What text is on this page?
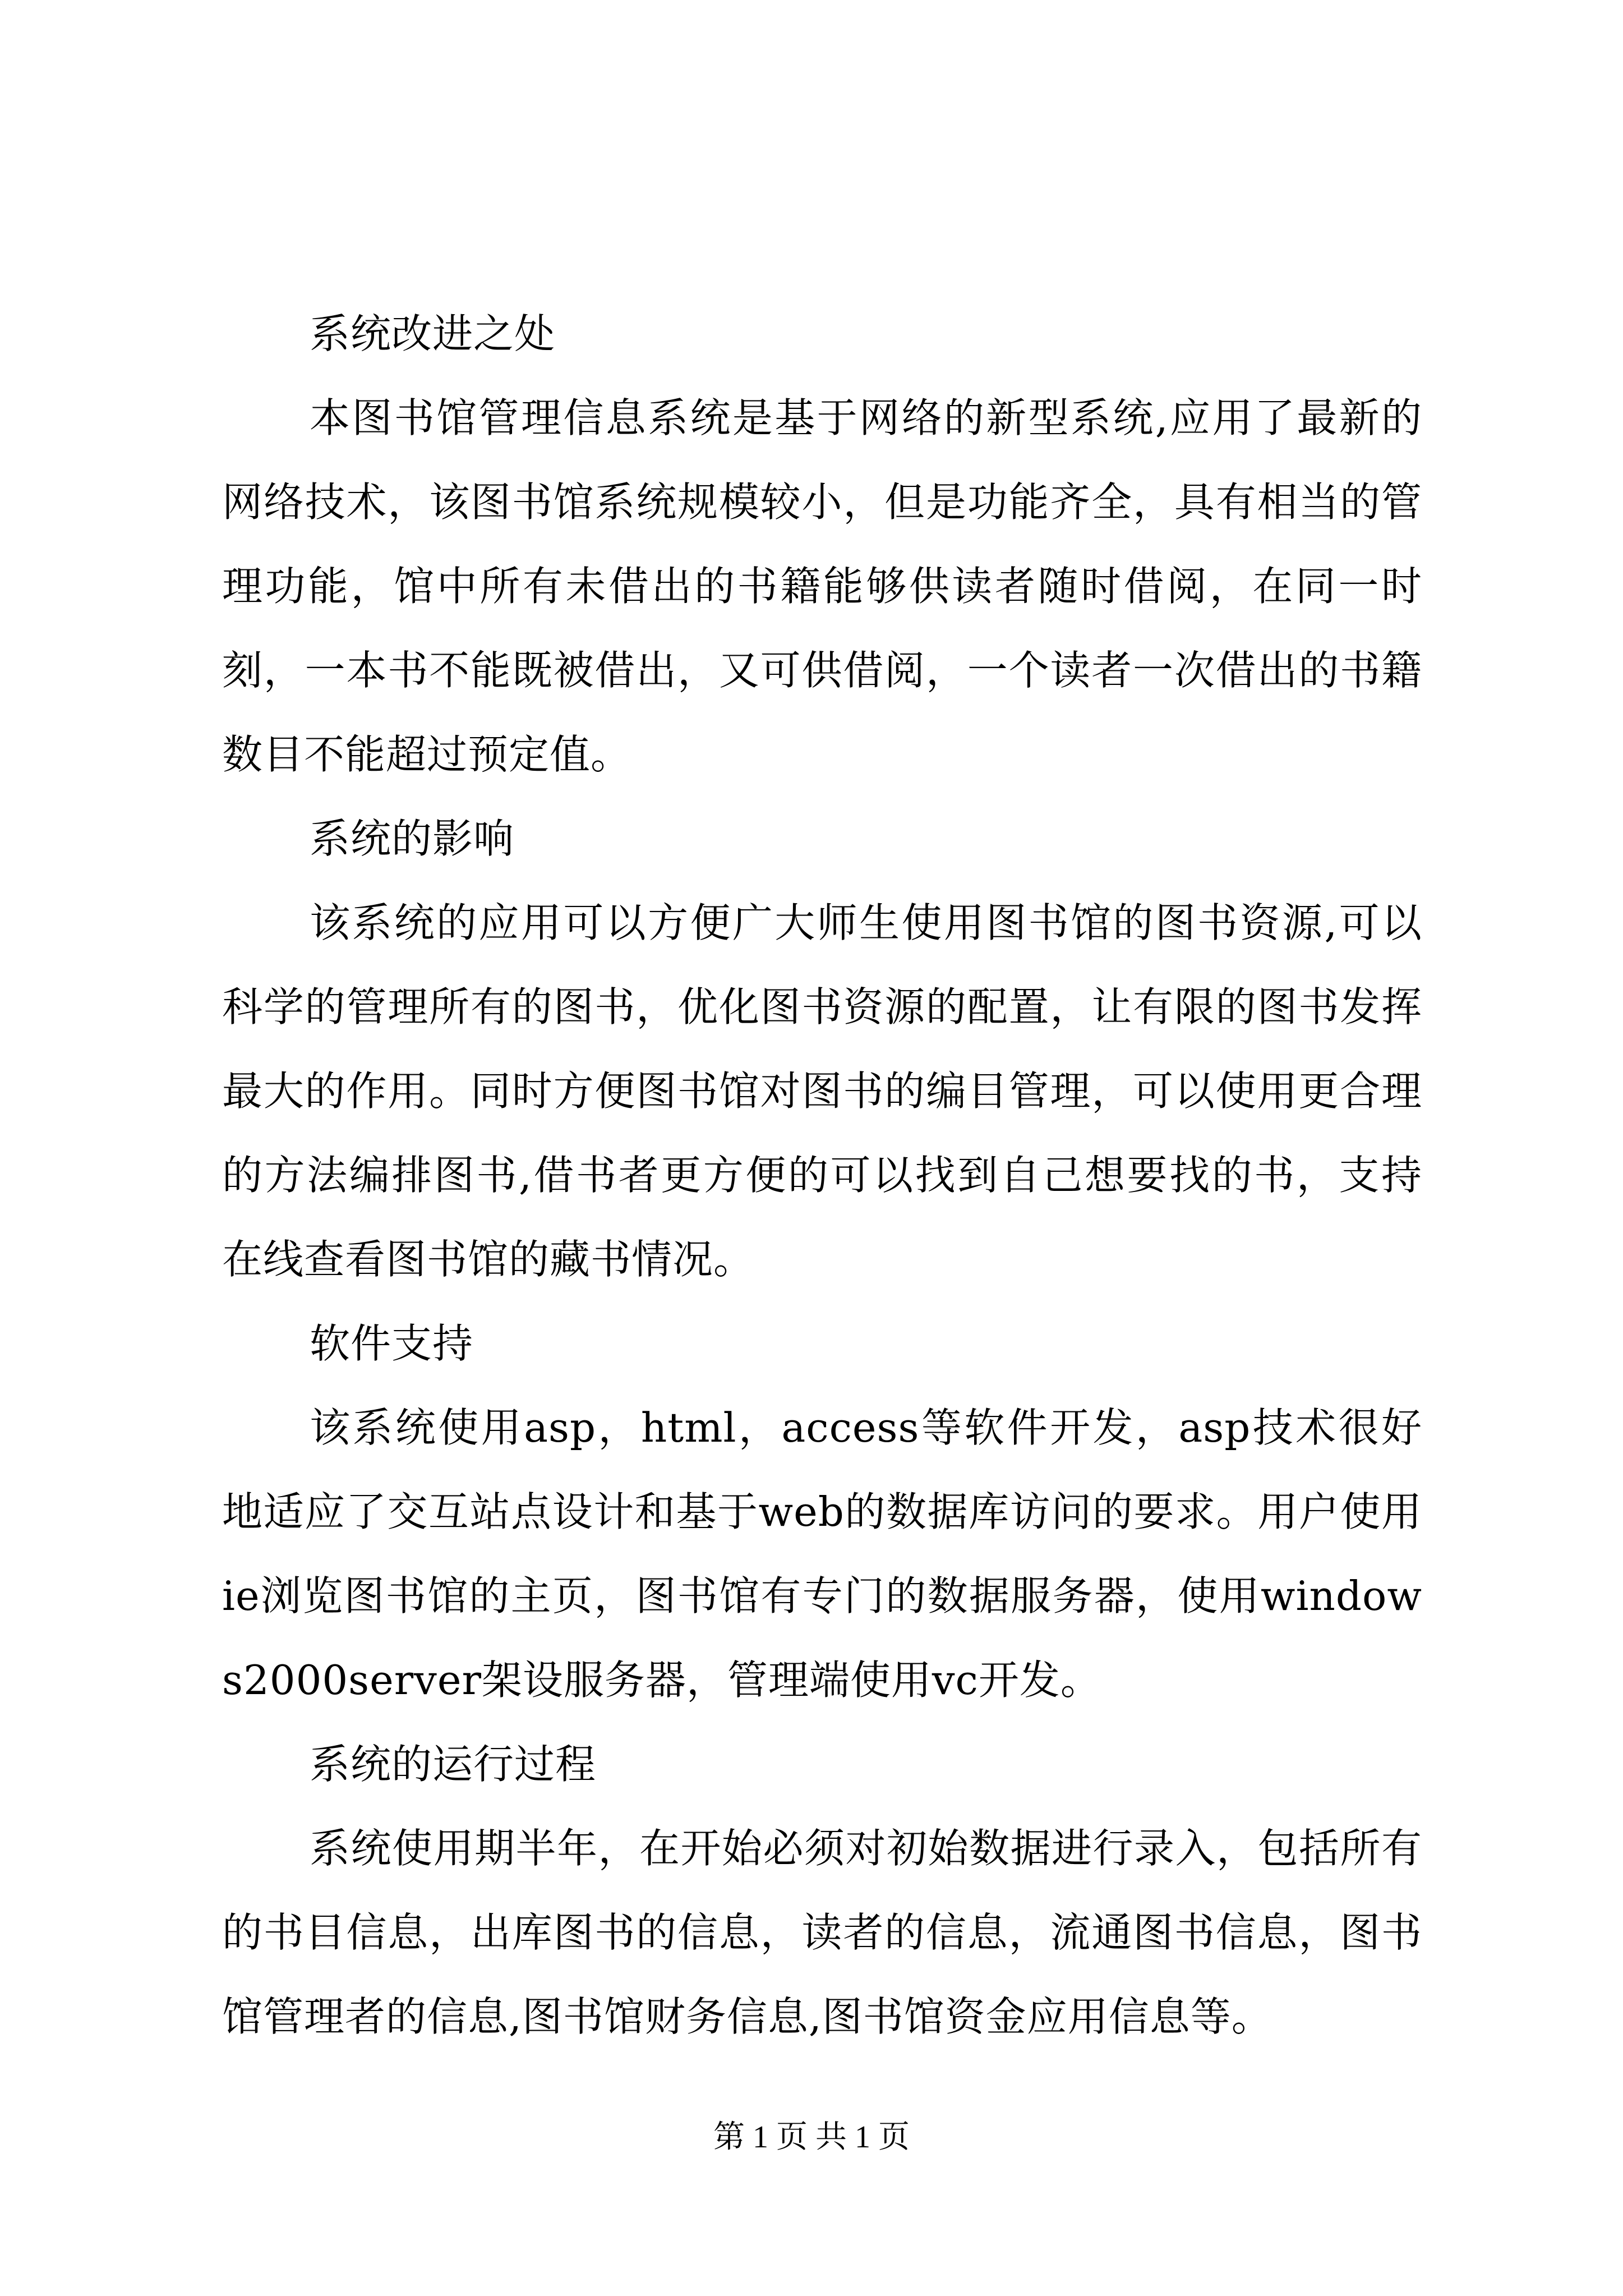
系统改进之处

本图书馆管理信息系统是基于网络的新型系统,应用了最新的网络技术，该图书馆系统规模较小，但是功能齐全，具有相当的管理功能，馆中所有未借出的书籍能够供读者随时借阅，在同一时刻，一本书不能既被借出，又可供借阅，一个读者一次借出的书籍数目不能超过预定值。

系统的影响

该系统的应用可以方便广大师生使用图书馆的图书资源,可以科学的管理所有的图书，优化图书资源的配置，让有限的图书发挥最大的作用。同时方便图书馆对图书的编目管理，可以使用更合理的方法编排图书,借书者更方便的可以找到自己想要找的书，支持在线查看图书馆的藏书情况。

软件支持

该系统使用asp，html，access等软件开发，asp技术很好地适应了交互站点设计和基于web的数据库访问的要求。用户使用ie浏览图书馆的主页，图书馆有专门的数据服务器，使用windows2000server架设服务器，管理端使用vc开发。

系统的运行过程

系统使用期半年，在开始必须对初始数据进行录入，包括所有的书目信息，出库图书的信息，读者的信息，流通图书信息，图书馆管理者的信息,图书馆财务信息,图书馆资金应用信息等。

第 1 页 共 1 页
